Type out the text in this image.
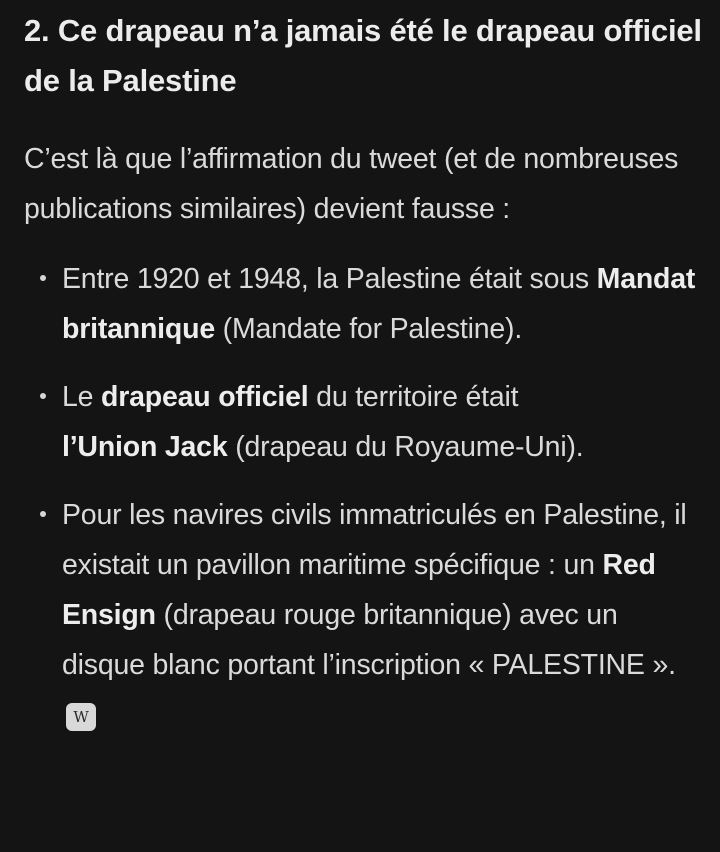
2. Ce drapeau n’a jamais été le drapeau officiel de la Palestine

C’est là que l’affirmation du tweet (et de nombreuses publications similaires) devient fausse :

Entre 1920 et 1948, la Palestine était sous Mandat britannique (Mandate for Palestine).
Le drapeau officiel du territoire était
l’Union Jack (drapeau du Royaume-Uni).
Pour les navires civils immatriculés en Palestine, il existait un pavillon maritime spécifique : un Red Ensign (drapeau rouge britannique) avec un disque blanc portant l’inscription « PALESTINE ».W
